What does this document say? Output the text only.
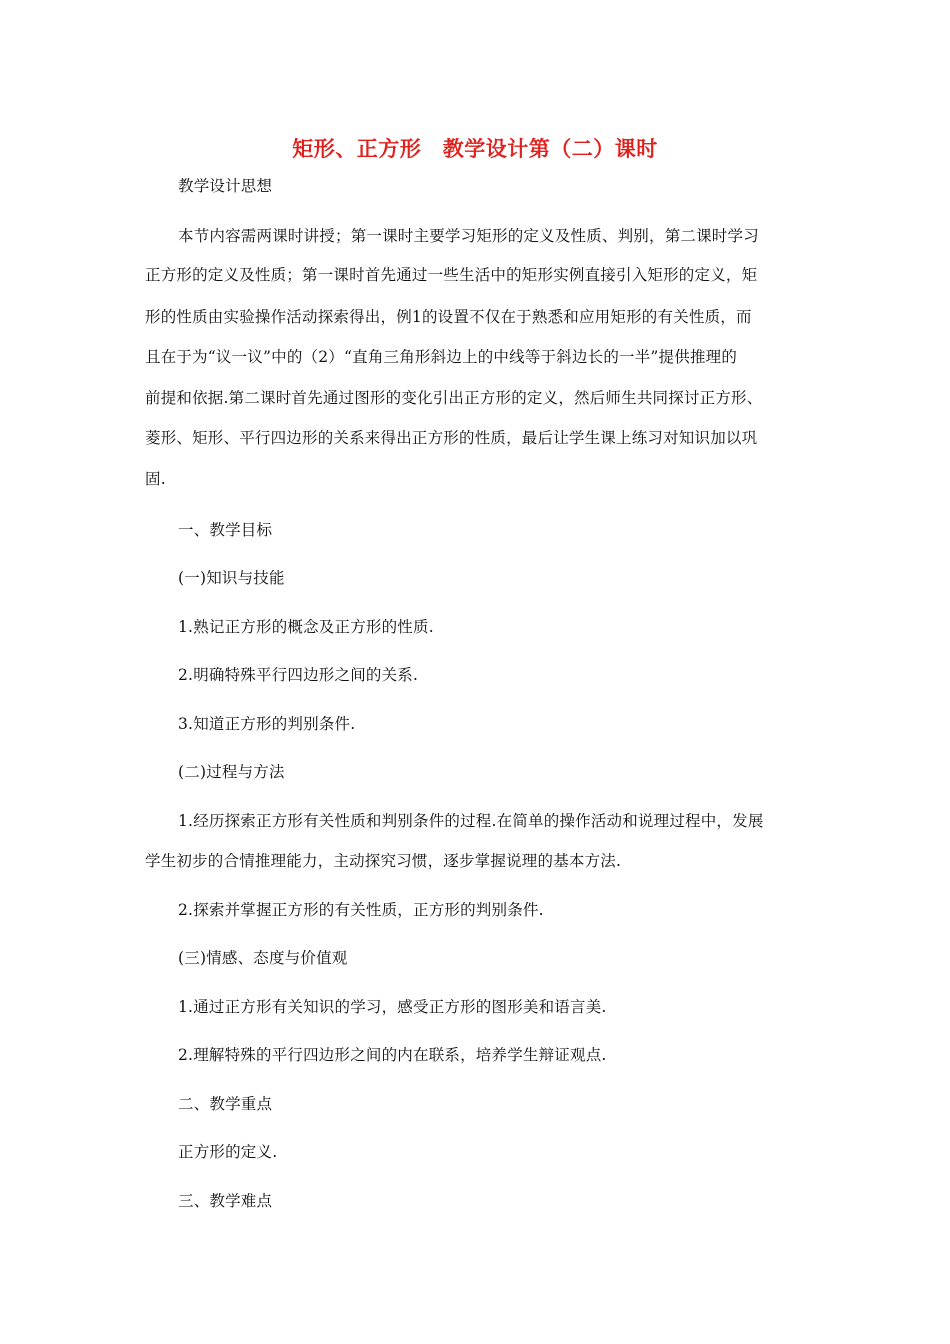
矩形、正方形　教学设计第（二）课时
教学设计思想
本节内容需两课时讲授；第一课时主要学习矩形的定义及性质、判别，第二课时学习
正方形的定义及性质；第一课时首先通过一些生活中的矩形实例直接引入矩形的定义，矩
形的性质由实验操作活动探索得出，例1的设置不仅在于熟悉和应用矩形的有关性质，而
且在于为“议一议”中的（2）“直角三角形斜边上的中线等于斜边长的一半”提供推理的
前提和依据.第二课时首先通过图形的变化引出正方形的定义，然后师生共同探讨正方形、
菱形、矩形、平行四边形的关系来得出正方形的性质，最后让学生课上练习对知识加以巩
固.
一、教学目标
(一)知识与技能
1.熟记正方形的概念及正方形的性质.
2.明确特殊平行四边形之间的关系.
3.知道正方形的判别条件.
(二)过程与方法
1.经历探索正方形有关性质和判别条件的过程.在简单的操作活动和说理过程中，发展
学生初步的合情推理能力，主动探究习惯，逐步掌握说理的基本方法.
2.探索并掌握正方形的有关性质，正方形的判别条件.
(三)情感、态度与价值观
1.通过正方形有关知识的学习，感受正方形的图形美和语言美.
2.理解特殊的平行四边形之间的内在联系，培养学生辩证观点.
二、教学重点
正方形的定义.
三、教学难点
